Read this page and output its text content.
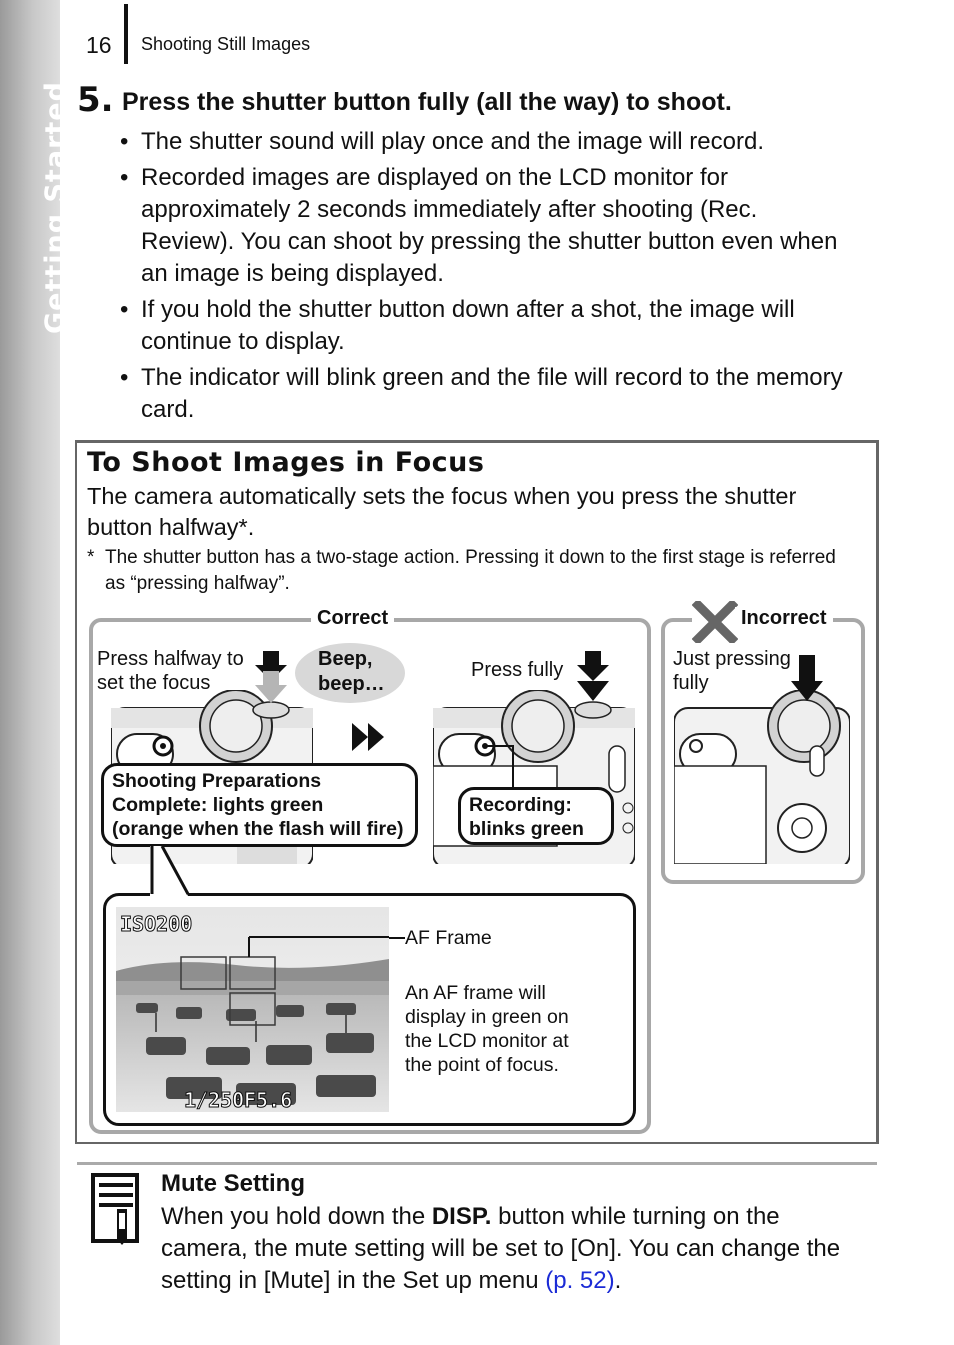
Getting Started
16 Shooting Still Images
5. Press the shutter button fully (all the way) to shoot.
• The shutter sound will play once and the image will record.
• Recorded images are displayed on the LCD monitor for approximately 2 seconds immediately after shooting (Rec. Review). You can shoot by pressing the shutter button even when an image is being displayed.
• If you hold the shutter button down after a shot, the image will continue to display.
• The indicator will blink green and the file will record to the memory card.
To Shoot Images in Focus
The camera automatically sets the focus when you press the shutter button halfway*.
* The shutter button has a two-stage action. Pressing it down to the first stage is referred as “pressing halfway”.
Correct	Incorrect
Press halfway to set the focus
Beep, beep…
Press fully	Just pressing fully
Shooting Preparations
Complete: lights green
(orange when the flash will fire)
Recording:
blinks green
ISO200
1/250 F5.6
AF Frame
An AF frame will display in green on the LCD monitor at the point of focus.
Mute Setting
When you hold down the DISP. button while turning on the camera, the mute setting will be set to [On]. You can change the setting in [Mute] in the Set up menu (p. 52).
